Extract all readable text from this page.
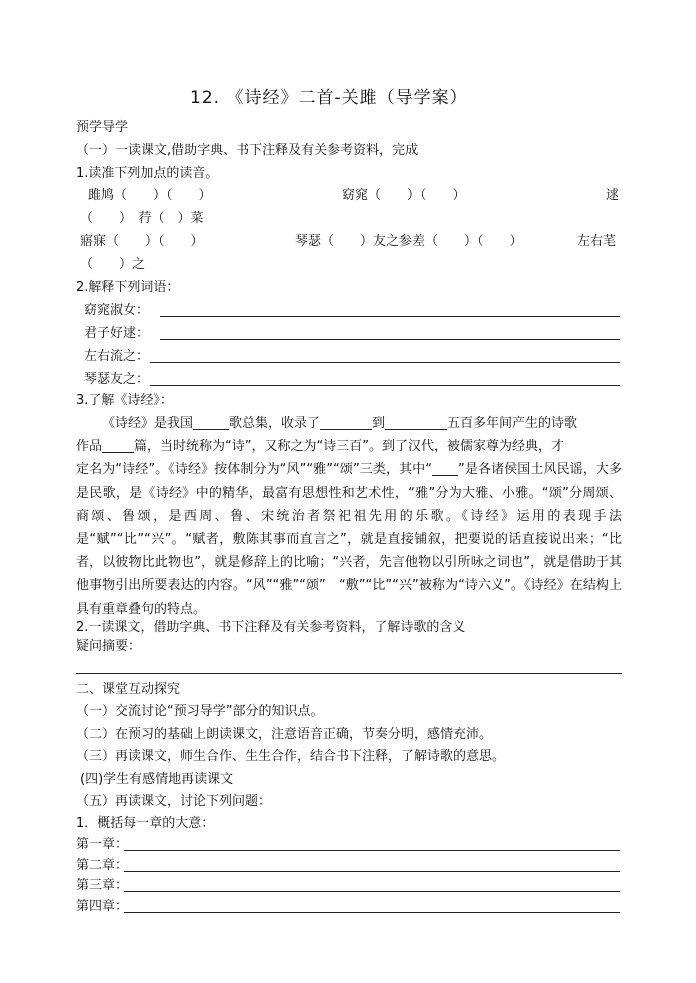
12. 《诗经》二首-关雎（导学案）
预学导学
（一）一读课文,借助字典、书下注释及有关参考资料，完成
1.读准下列加点的读音。
雎鸠（　　）（　　）	窈窕（　　）（　　）	逑
（　　）　荇（　）菜
寤寐（　　）（　　）	琴瑟（　　）友之参差（　　）（　　）	左右芼
（　　）之
2.解释下列词语：
窈窕淑女：
君子好逑：
左右流之：
琴瑟友之：
3.了解《诗经》：

《诗经》是我国	歌总集，收录了	到	五百多年间产生的诗歌

作品 篇，当时统称为“诗”，又称之为“诗三百”。到了汉代，被儒家尊为经典，才

定名为“诗经”。《诗经》按体制分为“风”“雅”“颂”三类，其中“ ”是各诸侯国土风民谣，大多是民歌，是《诗经》中的精华，最富有思想性和艺术性，“雅”分为大雅、小雅。“颂”分周颂、商颂、鲁颂，是西周、鲁、宋统治者祭祀祖先用的乐歌。《诗经》运用的表现手法是“赋”“比”“兴”。“赋者，敷陈其事而直言之”，就是直接铺叙，把要说的话直接说出来；“比者，以彼物比此物也”，就是修辞上的比喻；“兴者，先言他物以引所咏之词也”，就是借助于其他事物引出所要表达的内容。“风”“雅”“颂”　“敷”“比”“兴”被称为“诗六义”。《诗经》在结构上具有重章叠句的特点。

2.一读课文，借助字典、书下注释及有关参考资料，了解诗歌的含义
疑问摘要：
二、课堂互动探究
（一）交流讨论“预习导学”部分的知识点。
（二）在预习的基础上朗读课文，注意语音正确，节奏分明，感情充沛。
（三）再读课文，师生合作、生生合作，结合书下注释，了解诗歌的意思。
(四)学生有感情地再读课文
（五）再读课文，讨论下列问题：
1．概括每一章的大意：
第一章：
第二章：
第三章：
第四章：
